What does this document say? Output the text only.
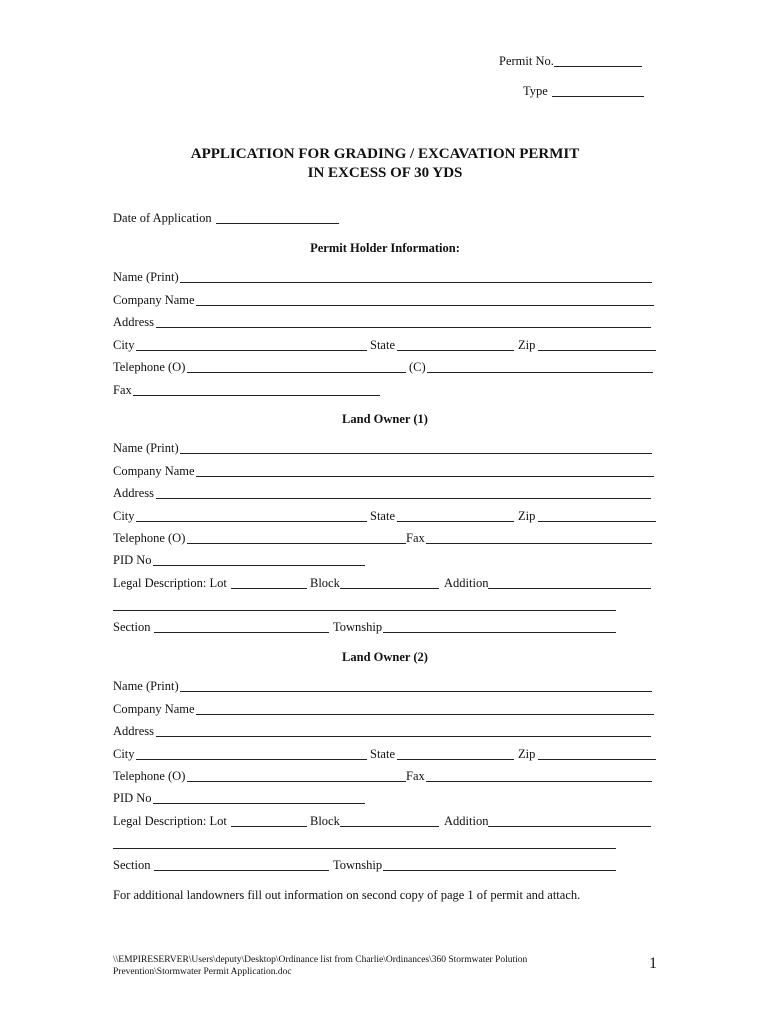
Permit No.
Type
APPLICATION FOR GRADING / EXCAVATION PERMIT
IN EXCESS OF 30 YDS
Date of Application
Permit Holder Information:
Name (Print)
Company Name
Address
City	State	Zip
Telephone (O)	(C)
Fax
Land Owner (1)
Name (Print)
Company Name
Address
City	State	Zip
Telephone (O)	Fax
PID No
Legal Description: Lot	Block	Addition
Section	Township
Land Owner (2)
Name (Print)
Company Name
Address
City	State	Zip
Telephone (O)	Fax
PID No
Legal Description: Lot	Block	Addition
Section	Township
For additional landowners fill out information on second copy of page 1 of permit and attach.
\\EMPIRESERVER\Users\deputy\Desktop\Ordinance list from Charlie\Ordinances\360 Stormwater Polution
Prevention\Stormwater Permit Application.doc	1
